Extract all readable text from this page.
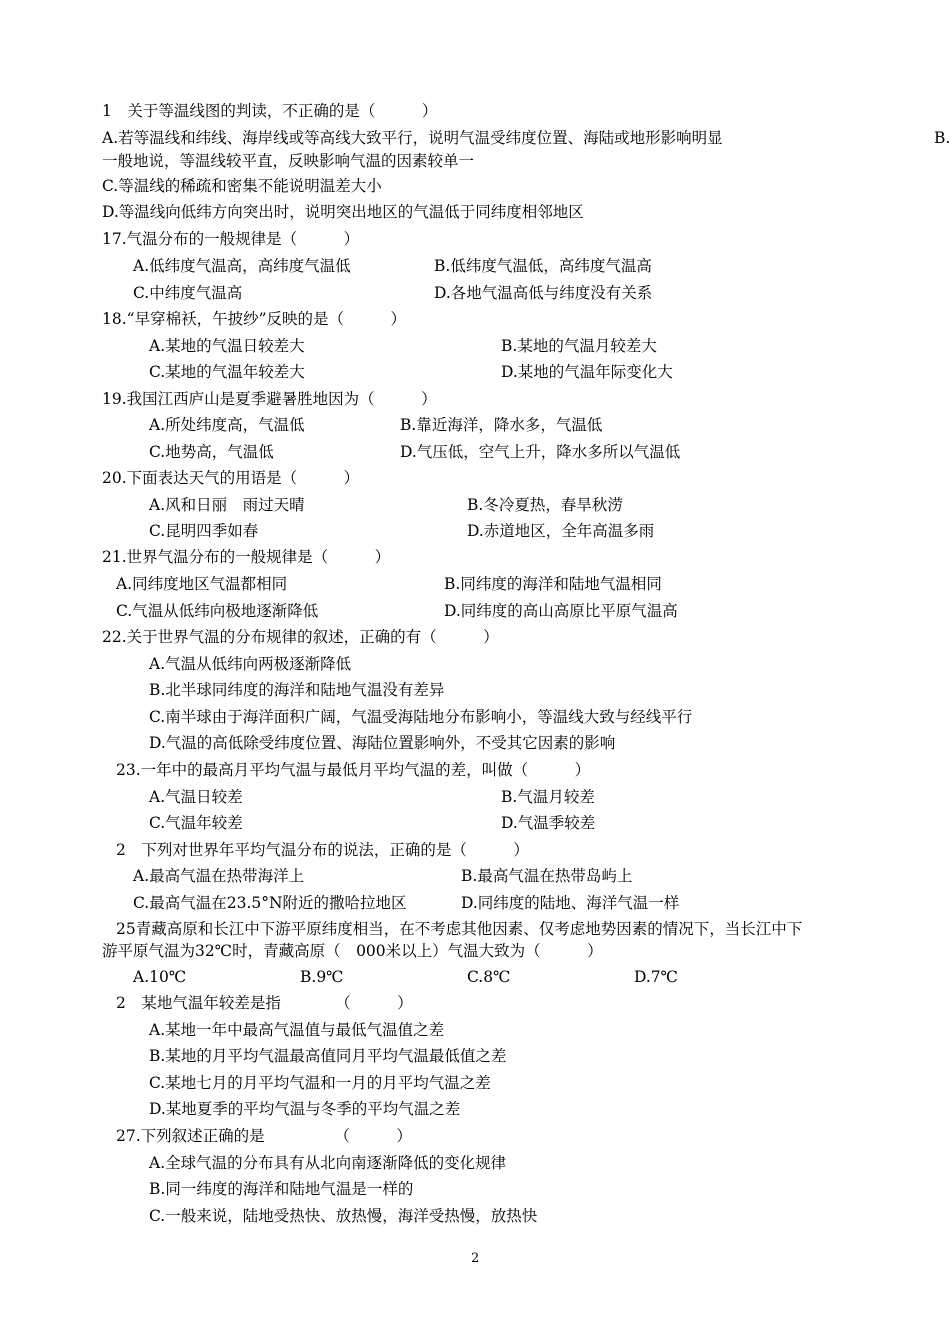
1　关于等温线图的判读，不正确的是（　　　）
A.若等温线和纬线、海岸线或等高线大致平行，说明气温受纬度位置、海陆或地形影响明显	B.
一般地说，等温线较平直，反映影响气温的因素较单一
C.等温线的稀疏和密集不能说明温差大小
D.等温线向低纬方向突出时，说明突出地区的气温低于同纬度相邻地区
17.气温分布的一般规律是（　　　）
A.低纬度气温高，高纬度气温低	B.低纬度气温低，高纬度气温高
C.中纬度气温高	D.各地气温高低与纬度没有关系
18.“早穿棉袄，午披纱”反映的是（　　　）
A.某地的气温日较差大	B.某地的气温月较差大
C.某地的气温年较差大	D.某地的气温年际变化大
19.我国江西庐山是夏季避暑胜地因为（　　　）
A.所处纬度高，气温低	B.靠近海洋，降水多，气温低
C.地势高，气温低	D.气压低，空气上升，降水多所以气温低
20.下面表达天气的用语是（　　　）
A.风和日丽　雨过天晴	B.冬冷夏热，春旱秋涝
C.昆明四季如春	D.赤道地区，全年高温多雨
21.世界气温分布的一般规律是（　　　）
A.同纬度地区气温都相同	B.同纬度的海洋和陆地气温相同
C.气温从低纬向极地逐渐降低	D.同纬度的高山高原比平原气温高
22.关于世界气温的分布规律的叙述，正确的有（　　　）
A.气温从低纬向两极逐渐降低
B.北半球同纬度的海洋和陆地气温没有差异
C.南半球由于海洋面积广阔，气温受海陆地分布影响小，等温线大致与经线平行
D.气温的高低除受纬度位置、海陆位置影响外，不受其它因素的影响
23.一年中的最高月平均气温与最低月平均气温的差，叫做（　　　）
A.气温日较差	B.气温月较差
C.气温年较差	D.气温季较差
2　下列对世界年平均气温分布的说法，正确的是（　　　）
A.最高气温在热带海洋上	B.最高气温在热带岛屿上
C.最高气温在23.5°N附近的撒哈拉地区	D.同纬度的陆地、海洋气温一样
25青藏高原和长江中下游平原纬度相当，在不考虑其他因素、仅考虑地势因素的情况下，当长江中下
游平原气温为32℃时，青藏高原（　000米以上）气温大致为（　　　）
A.10℃	B.9℃	C.8℃	D.7℃
2　某地气温年较差是指　　　　（　　　）
A.某地一年中最高气温值与最低气温值之差
B.某地的月平均气温最高值同月平均气温最低值之差
C.某地七月的月平均气温和一月的月平均气温之差
D.某地夏季的平均气温与冬季的平均气温之差
27.下列叙述正确的是　　　　　（　　　）
A.全球气温的分布具有从北向南逐渐降低的变化规律
B.同一纬度的海洋和陆地气温是一样的
C.一般来说，陆地受热快、放热慢，海洋受热慢，放热快
2
